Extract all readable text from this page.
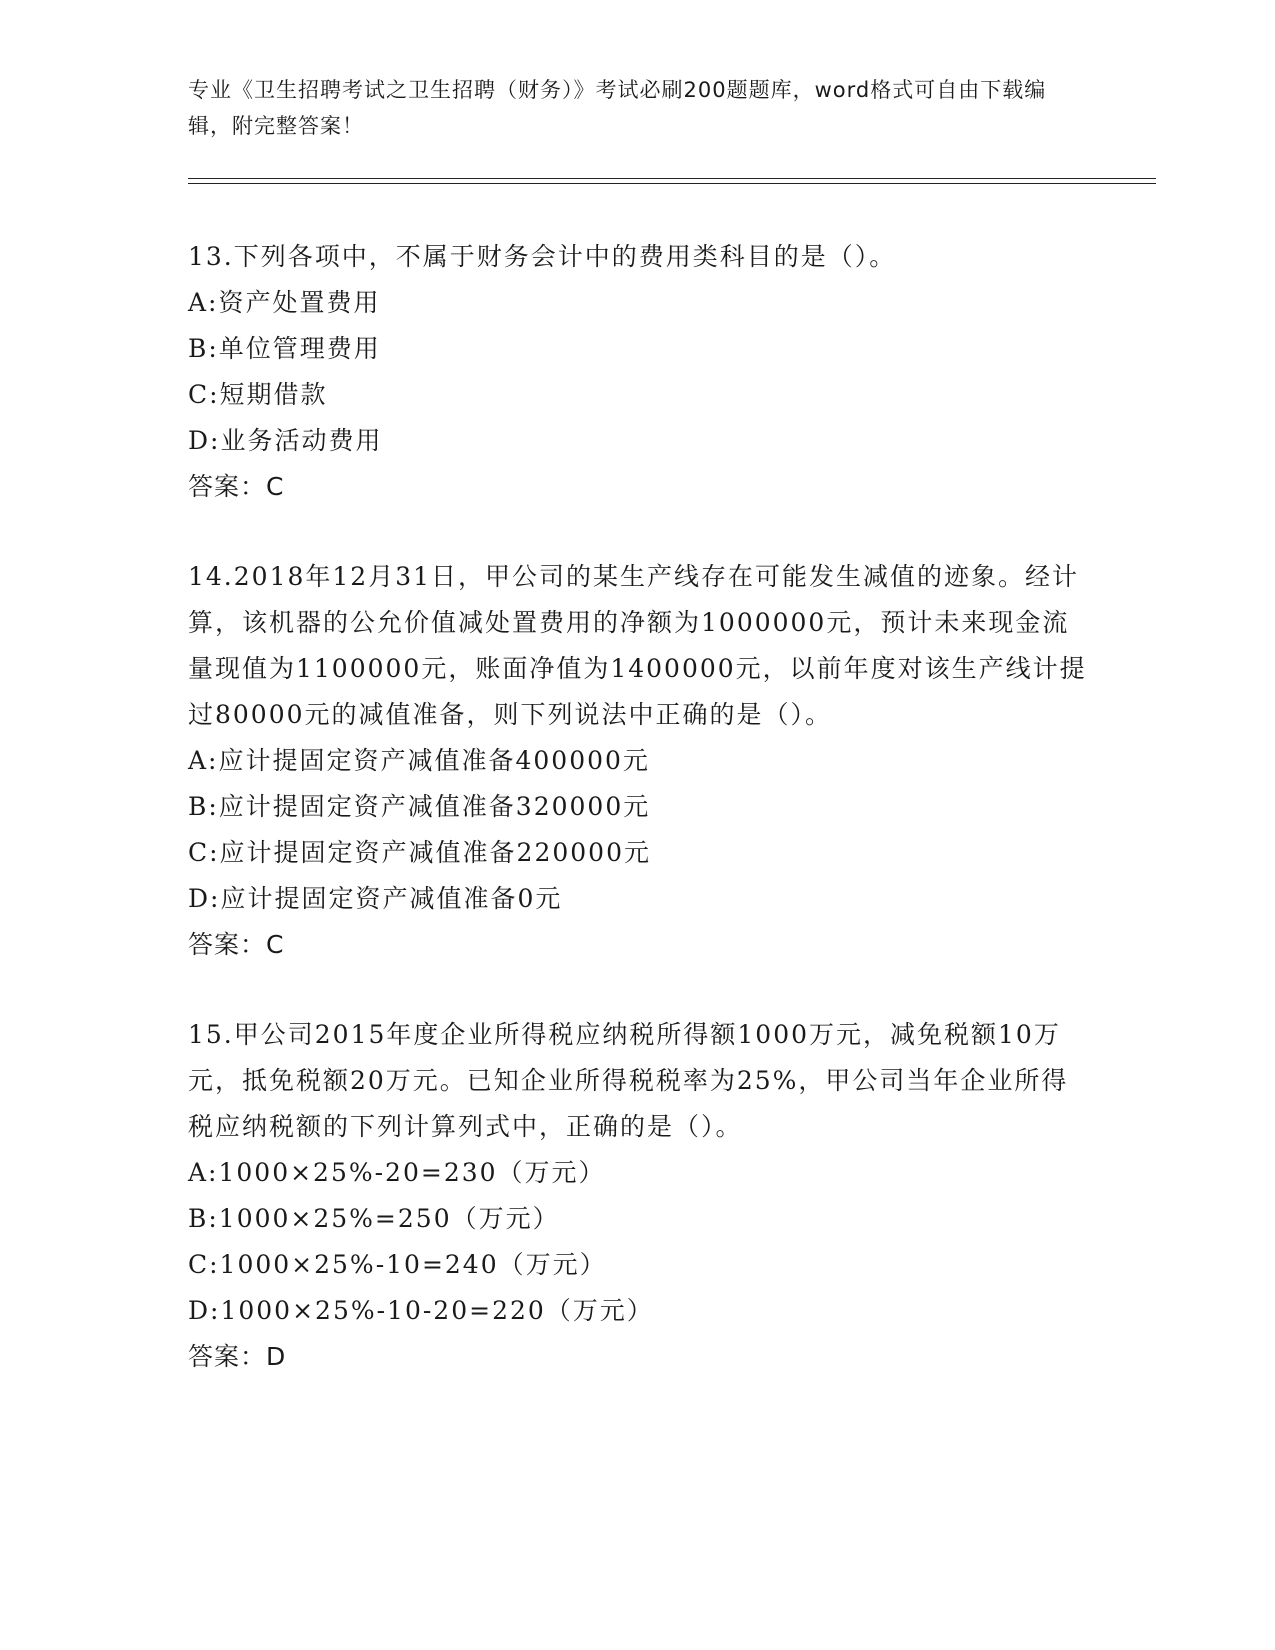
专业《卫生招聘考试之卫生招聘（财务）》考试必刷200题题库，word格式可自由下载编辑，附完整答案！
13.下列各项中，不属于财务会计中的费用类科目的是（）。
A:资产处置费用
B:单位管理费用
C:短期借款
D:业务活动费用
答案：C
14.2018年12月31日，甲公司的某生产线存在可能发生减值的迹象。经计算，该机器的公允价值减处置费用的净额为1000000元，预计未来现金流量现值为1100000元，账面净值为1400000元，以前年度对该生产线计提过80000元的减值准备，则下列说法中正确的是（）。
A:应计提固定资产减值准备400000元
B:应计提固定资产减值准备320000元
C:应计提固定资产减值准备220000元
D:应计提固定资产减值准备0元
答案：C
15.甲公司2015年度企业所得税应纳税所得额1000万元，减免税额10万元，抵免税额20万元。已知企业所得税税率为25%，甲公司当年企业所得税应纳税额的下列计算列式中，正确的是（）。
A:1000×25%-20=230（万元）
B:1000×25%=250（万元）
C:1000×25%-10=240（万元）
D:1000×25%-10-20=220（万元）
答案：D
